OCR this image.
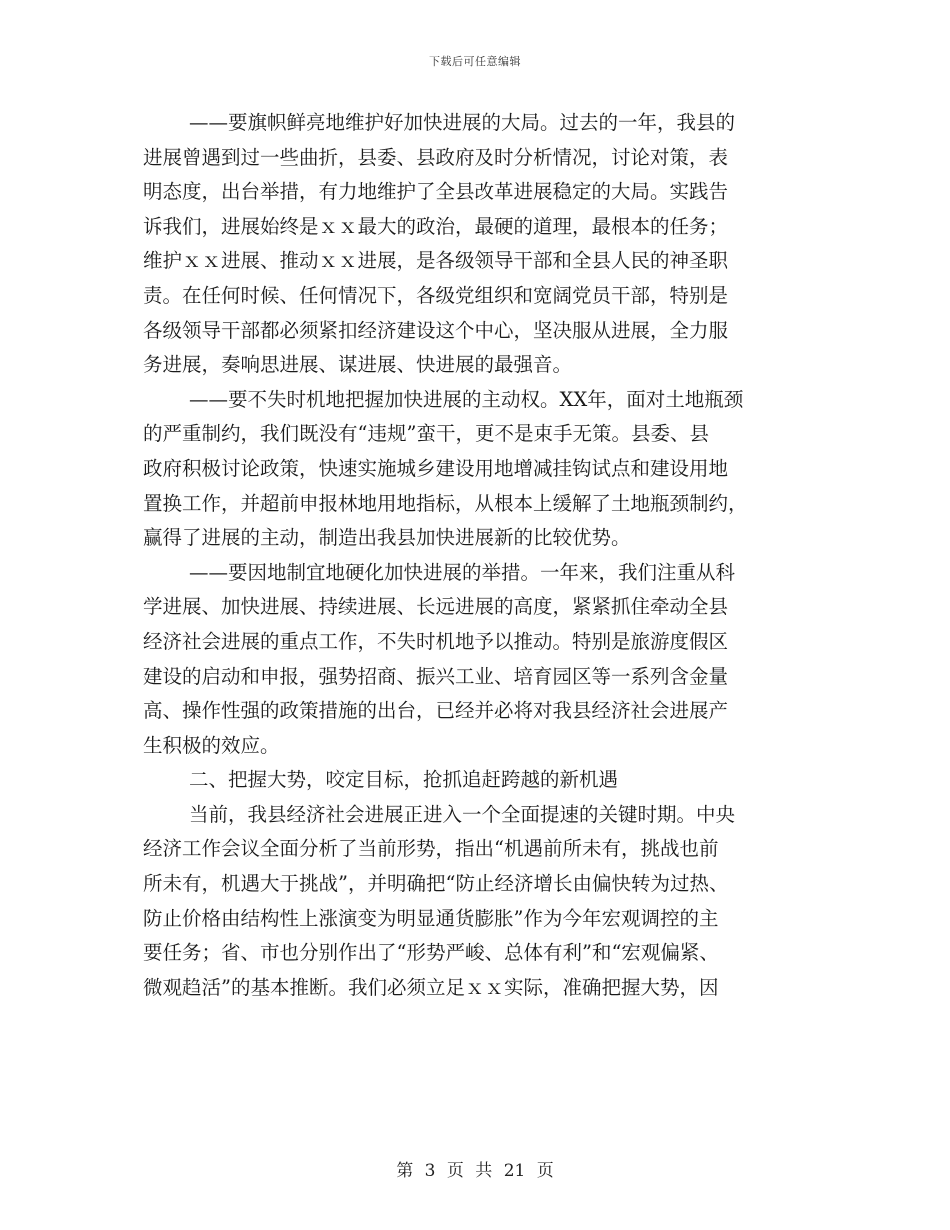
下载后可任意编辑
——要旗帜鲜亮地维护好加快进展的大局。过去的一年，我县的
进展曾遇到过一些曲折，县委、县政府及时分析情况，讨论对策，表
明态度，出台举措，有力地维护了全县改革进展稳定的大局。实践告
诉我们，进展始终是ｘｘ最大的政治，最硬的道理，最根本的任务；
维护ｘｘ进展、推动ｘｘ进展，是各级领导干部和全县人民的神圣职
责。在任何时候、任何情况下，各级党组织和宽阔党员干部，特别是
各级领导干部都必须紧扣经济建设这个中心，坚决服从进展，全力服
务进展，奏响思进展、谋进展、快进展的最强音。
——要不失时机地把握加快进展的主动权。XX年，面对土地瓶颈
的严重制约，我们既没有“违规”蛮干，更不是束手无策。县委、县
政府积极讨论政策，快速实施城乡建设用地增减挂钩试点和建设用地
置换工作，并超前申报林地用地指标，从根本上缓解了土地瓶颈制约，
赢得了进展的主动，制造出我县加快进展新的比较优势。
——要因地制宜地硬化加快进展的举措。一年来，我们注重从科
学进展、加快进展、持续进展、长远进展的高度，紧紧抓住牵动全县
经济社会进展的重点工作，不失时机地予以推动。特别是旅游度假区
建设的启动和申报，强势招商、振兴工业、培育园区等一系列含金量
高、操作性强的政策措施的出台，已经并必将对我县经济社会进展产
生积极的效应。
二、把握大势，咬定目标，抢抓追赶跨越的新机遇
当前，我县经济社会进展正进入一个全面提速的关键时期。中央
经济工作会议全面分析了当前形势，指出“机遇前所未有，挑战也前
所未有，机遇大于挑战”，并明确把“防止经济增长由偏快转为过热、
防止价格由结构性上涨演变为明显通货膨胀”作为今年宏观调控的主
要任务；省、市也分别作出了“形势严峻、总体有利”和“宏观偏紧、
微观趋活”的基本推断。我们必须立足ｘｘ实际，准确把握大势，因
第 3 页 共 21 页
